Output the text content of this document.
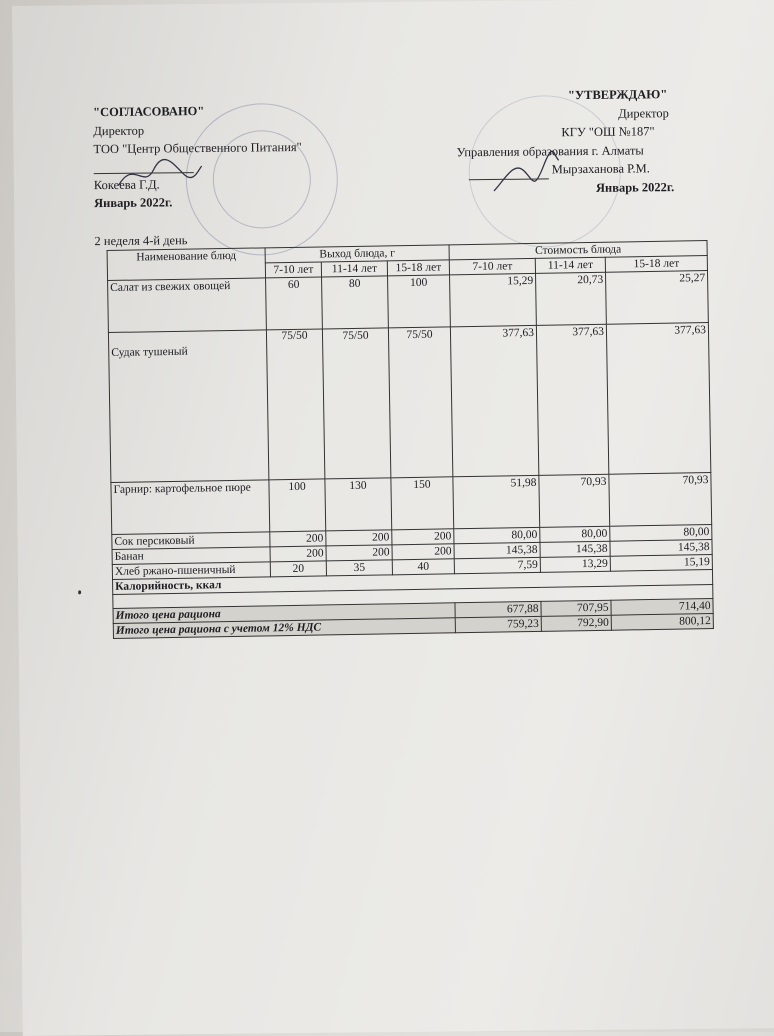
"СОГЛАСОВАНО"
Директор
ТОО "Центр Общественного Питания"
Кокеева Г.Д.
Январь 2022г.
"УТВЕРЖДАЮ"
Директор
КГУ "ОШ №187"
Управления образования г. Алматы
Мырзаханова Р.М.
Январь 2022г.
2 неделя 4-й день
Наименование блюд	Выход блюда, г			Стоимость блюда		
	7-10 лет	11-14 лет	15-18 лет	7-10 лет	11-14 лет	15-18 лет
Салат из свежих овощей	60	80	100	15,29	20,73	25,27
Судак тушеный	75/50	75/50	75/50	377,63	377,63	377,63
Гарнир: картофельное пюре	100	130	150	51,98	70,93	70,93
Сок персиковый	200	200	200	80,00	80,00	80,00
Банан	200	200	200	145,38	145,38	145,38
Хлеб ржано-пшеничный	20	35	40	7,59	13,29	15,19
Калорийность, ккал						

Итого цена рациона				677,88	707,95	714,40
Итого цена рациона с учетом 12% НДС				759,23	792,90	800,12
